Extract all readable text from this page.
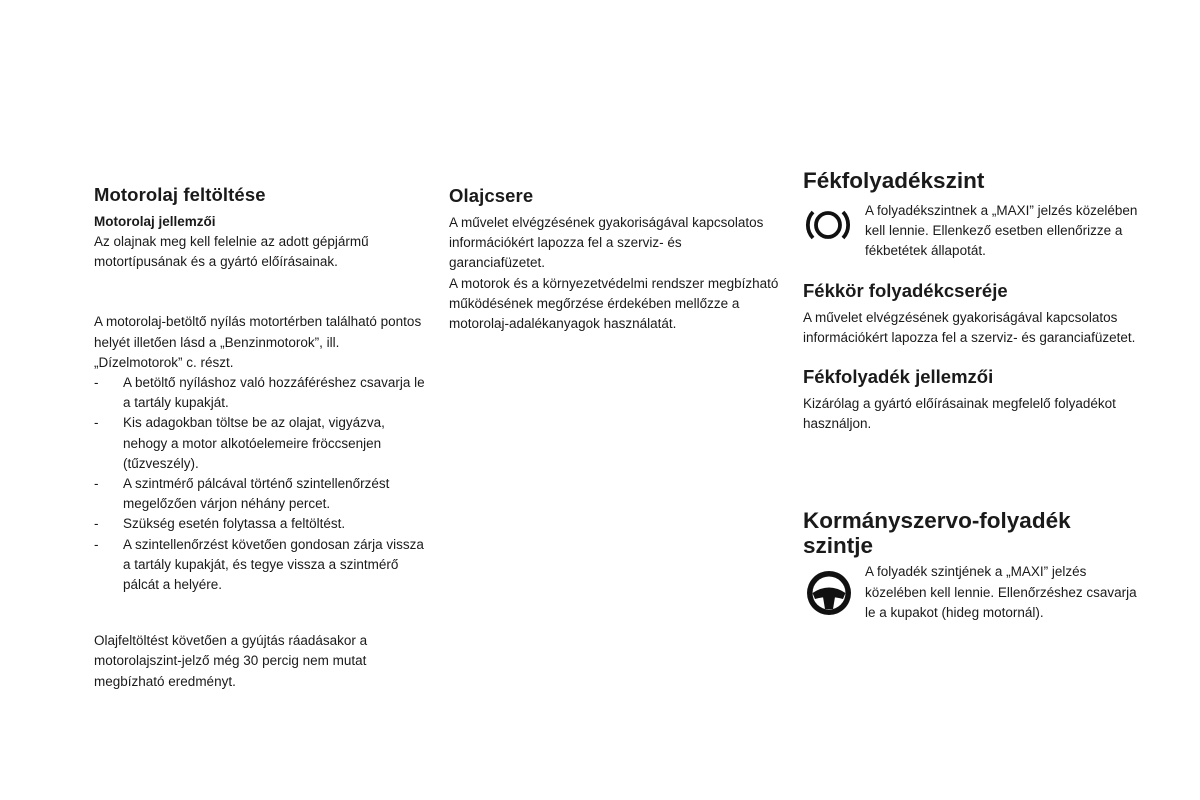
Motorolaj feltöltése
Motorolaj jellemzői

Az olajnak meg kell felelnie az adott gépjármű motortípusának és a gyártó előírásainak.

A motorolaj-betöltő nyílás motortérben található pontos helyét illetően lásd a „Benzinmotorok”, ill. „Dízelmotorok” c. részt.

- A betöltő nyíláshoz való hozzáféréshez csavarja le a tartály kupakját.
- Kis adagokban töltse be az olajat, vigyázva, nehogy a motor alkotóelemeire fröccsenjen (tűzveszély).
- A szintmérő pálcával történő szintellenőrzést megelőzően várjon néhány percet.
- Szükség esetén folytassa a feltöltést.
- A szintellenőrzést követően gondosan zárja vissza a tartály kupakját, és tegye vissza a szintmérő pálcát a helyére.

Olajfeltöltést követően a gyújtás ráadásakor a motorolajszint-jelző még 30 percig nem mutat megbízható eredményt.

Olajcsere

A művelet elvégzésének gyakoriságával kapcsolatos információkért lapozza fel a szerviz- és garanciafüzetet.

A motorok és a környezetvédelmi rendszer megbízható működésének megőrzése érdekében mellőzze a motorolaj-adalékanyagok használatát.

Fékfolyadékszint

A folyadékszintnek a „MAXI” jelzés közelében kell lennie. Ellenkező esetben ellenőrizze a fékbetétek állapotát.

Fékkör folyadékcseréje

A művelet elvégzésének gyakoriságával kapcsolatos információkért lapozza fel a szerviz- és garanciafüzetet.

Fékfolyadék jellemzői

Kizárólag a gyártó előírásainak megfelelő folyadékot használjon.

Kormányszervo-folyadék szintje

A folyadék szintjének a „MAXI” jelzés közelében kell lennie. Ellenőrzéshez csavarja le a kupakot (hideg motornál).
